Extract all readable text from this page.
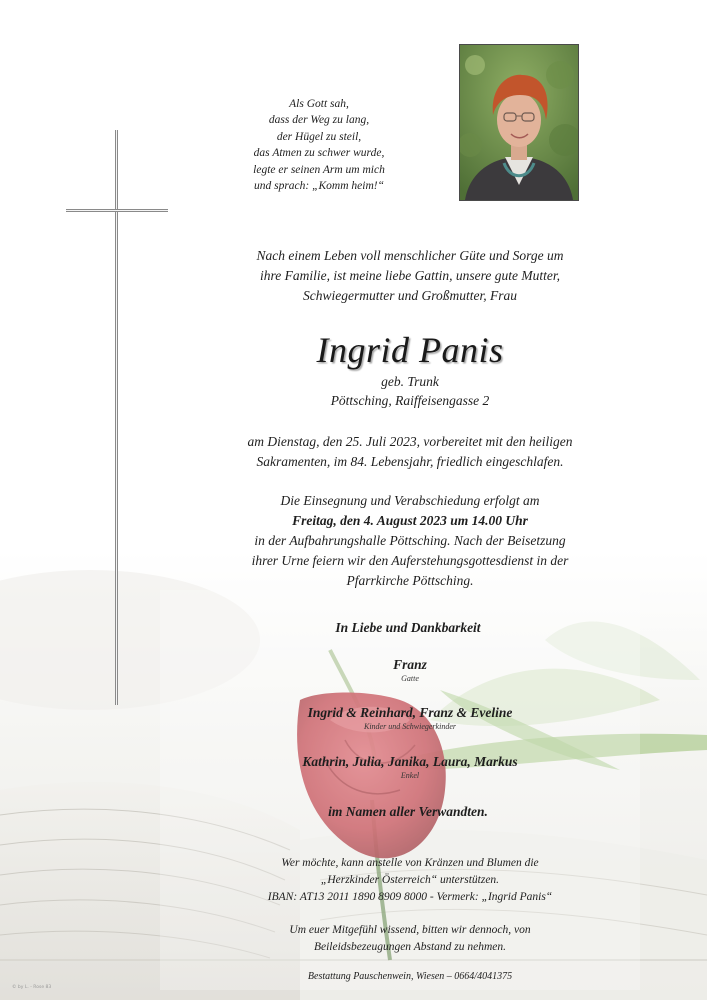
Als Gott sah,
dass der Weg zu lang,
der Hügel zu steil,
das Atmen zu schwer wurde,
legte er seinen Arm um mich
und sprach: „Komm heim!“
Nach einem Leben voll menschlicher Güte und Sorge um
ihre Familie, ist meine liebe Gattin, unsere gute Mutter,
Schwiegermutter und Großmutter, Frau
Ingrid Panis
geb. Trunk
Pöttsching, Raiffeisengasse 2
am Dienstag, den 25. Juli 2023, vorbereitet mit den heiligen
Sakramenten, im 84. Lebensjahr, friedlich eingeschlafen.
Die Einsegnung und Verabschiedung erfolgt am
Freitag, den 4. August 2023 um 14.00 Uhr
in der Aufbahrungshalle Pöttsching. Nach der Beisetzung
ihrer Urne feiern wir den Auferstehungsgottesdienst in der
Pfarrkirche Pöttsching.
In Liebe und Dankbarkeit
Franz
Gatte
Ingrid & Reinhard, Franz & Eveline
Kinder und Schwiegerkinder
Kathrin, Julia, Janika, Laura, Markus
Enkel
im Namen aller Verwandten.
Wer möchte, kann anstelle von Kränzen und Blumen die
„Herzkinder Österreich“ unterstützen.
IBAN: AT13 2011 1890 8909 8000 - Vermerk: „Ingrid Panis“
Um euer Mitgefühl wissend, bitten wir dennoch, von
Beileidsbezeugungen Abstand zu nehmen.
Bestattung Pauschenwein, Wiesen – 0664/4041375
© by L. - Rose 83
